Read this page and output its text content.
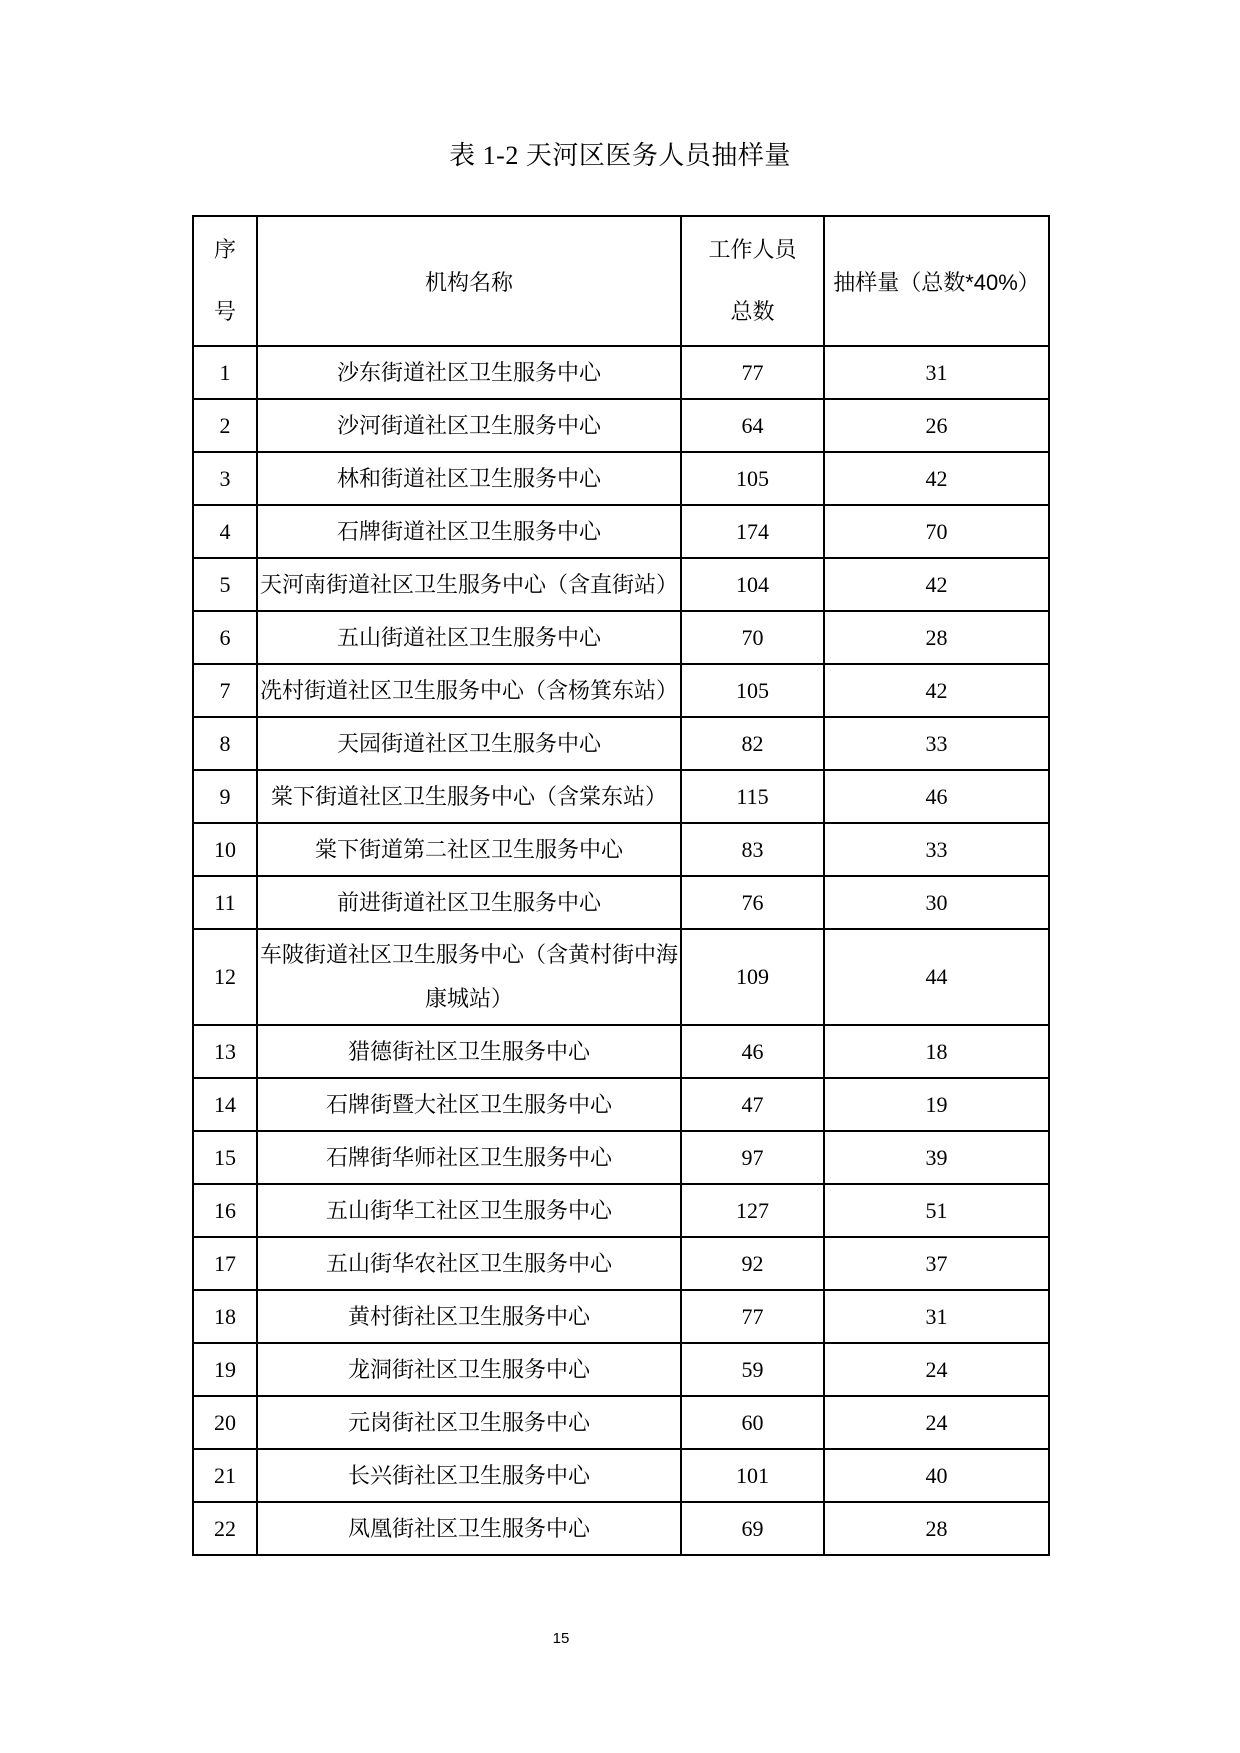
表 1-2 天河区医务人员抽样量
序
号
	机构名称	
工作人员
总数
	抽样量（总数*40%）
1	沙东街道社区卫生服务中心	77	31
2	沙河街道社区卫生服务中心	64	26
3	林和街道社区卫生服务中心	105	42
4	石牌街道社区卫生服务中心	174	70
5	天河南街道社区卫生服务中心（含直街站）	104	42
6	五山街道社区卫生服务中心	70	28
7	冼村街道社区卫生服务中心（含杨箕东站）	105	42
8	天园街道社区卫生服务中心	82	33
9	棠下街道社区卫生服务中心（含棠东站）	115	46
10	棠下街道第二社区卫生服务中心	83	33
11	前进街道社区卫生服务中心	76	30
12	车陂街道社区卫生服务中心（含黄村街中海康城站）	109	44
13	猎德街社区卫生服务中心	46	18
14	石牌街暨大社区卫生服务中心	47	19
15	石牌街华师社区卫生服务中心	97	39
16	五山街华工社区卫生服务中心	127	51
17	五山街华农社区卫生服务中心	92	37
18	黄村街社区卫生服务中心	77	31
19	龙洞街社区卫生服务中心	59	24
20	元岗街社区卫生服务中心	60	24
21	长兴街社区卫生服务中心	101	40
22	凤凰街社区卫生服务中心	69	28
15
